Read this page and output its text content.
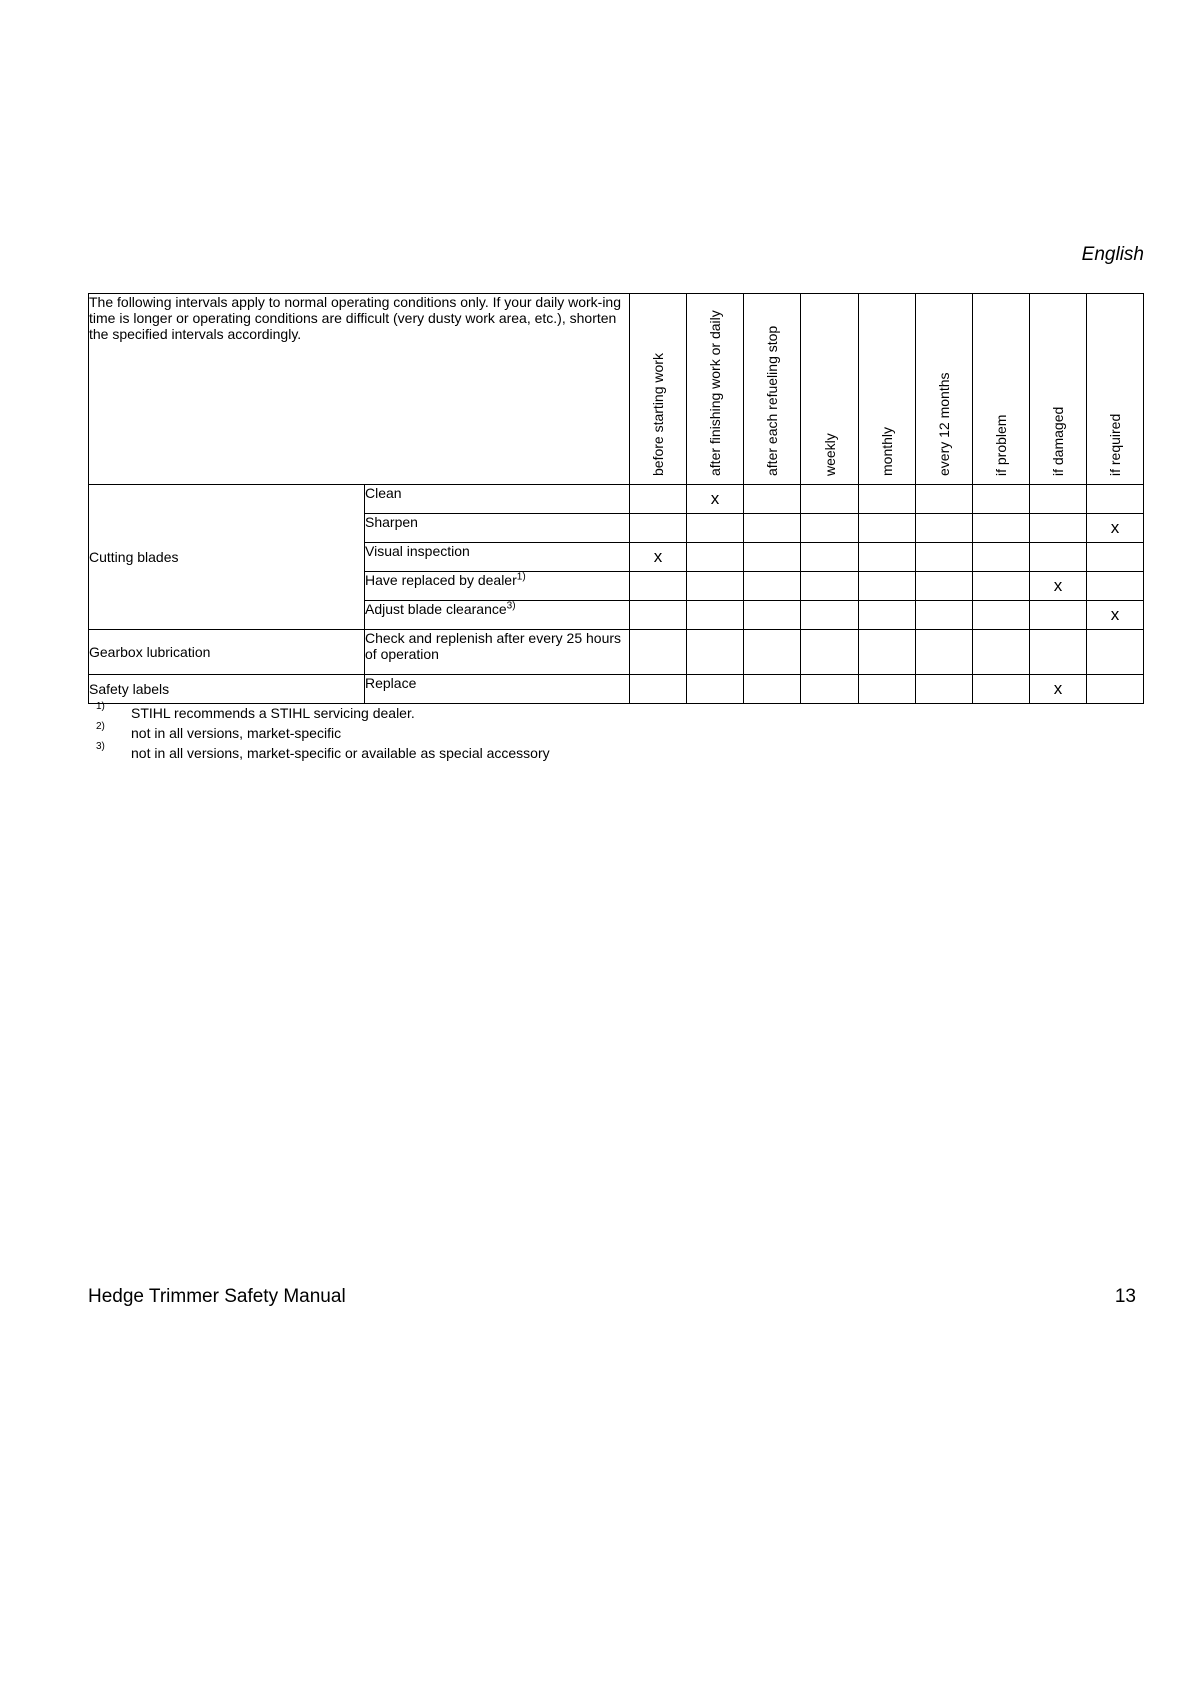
English
The following intervals apply to normal operating conditions only. If your daily work-ing time is longer or operating conditions are difficult (very dusty work area, etc.), shorten the specified intervals accordingly.		before starting work	after finishing work or daily	after each refueling stop	weekly	monthly	every 12 months	if problem	if damaged	if required

Cutting blades	Clean		x							
	Sharpen									x
	Visual inspection	x								
	Have replaced by dealer$^{1)}$								x	
	Adjust blade clearance$^{3)}$									x
Gearbox lubrication	Check and replenish after every 25 hours of operation									
Safety labels	Replace								x	
1) STIHL recommends a STIHL servicing dealer.
2) not in all versions, market-specific
3) not in all versions, market-specific or available as special accessory
Hedge Trimmer Safety Manual	13
